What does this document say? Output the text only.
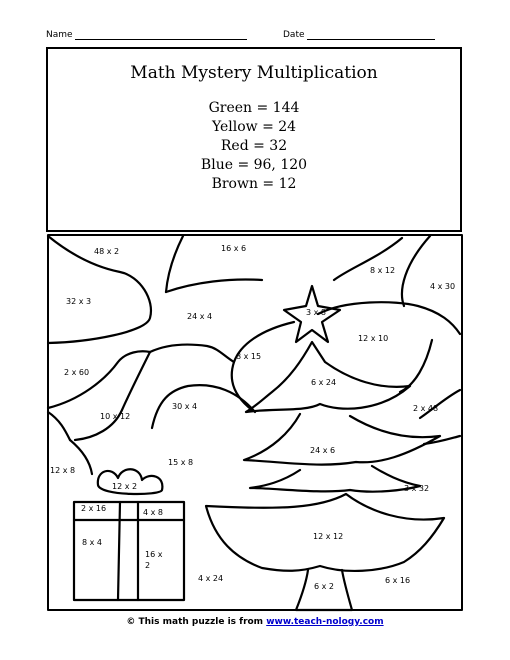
Name	Date
Math Mystery Multiplication
Green = 144
Yellow = 24
Red = 32
Blue = 96, 120
Brown = 12
48 x 2	16 x 6
8 x 12
4 x 30
32 x 3
24 x 4	3 x 8
12 x 10
8 x 15
6 x 24
2 x 60
30 x 4	2 x 48
10 x 12
24 x 6
15 x 8
12 x 8
12 x 2	3 x 32
2 x 16	4 x 8
8 x 4
16 x
2
12 x 12
4 x 24
6 x 2
6 x 16
© This math puzzle is from www.teach-nology.com
